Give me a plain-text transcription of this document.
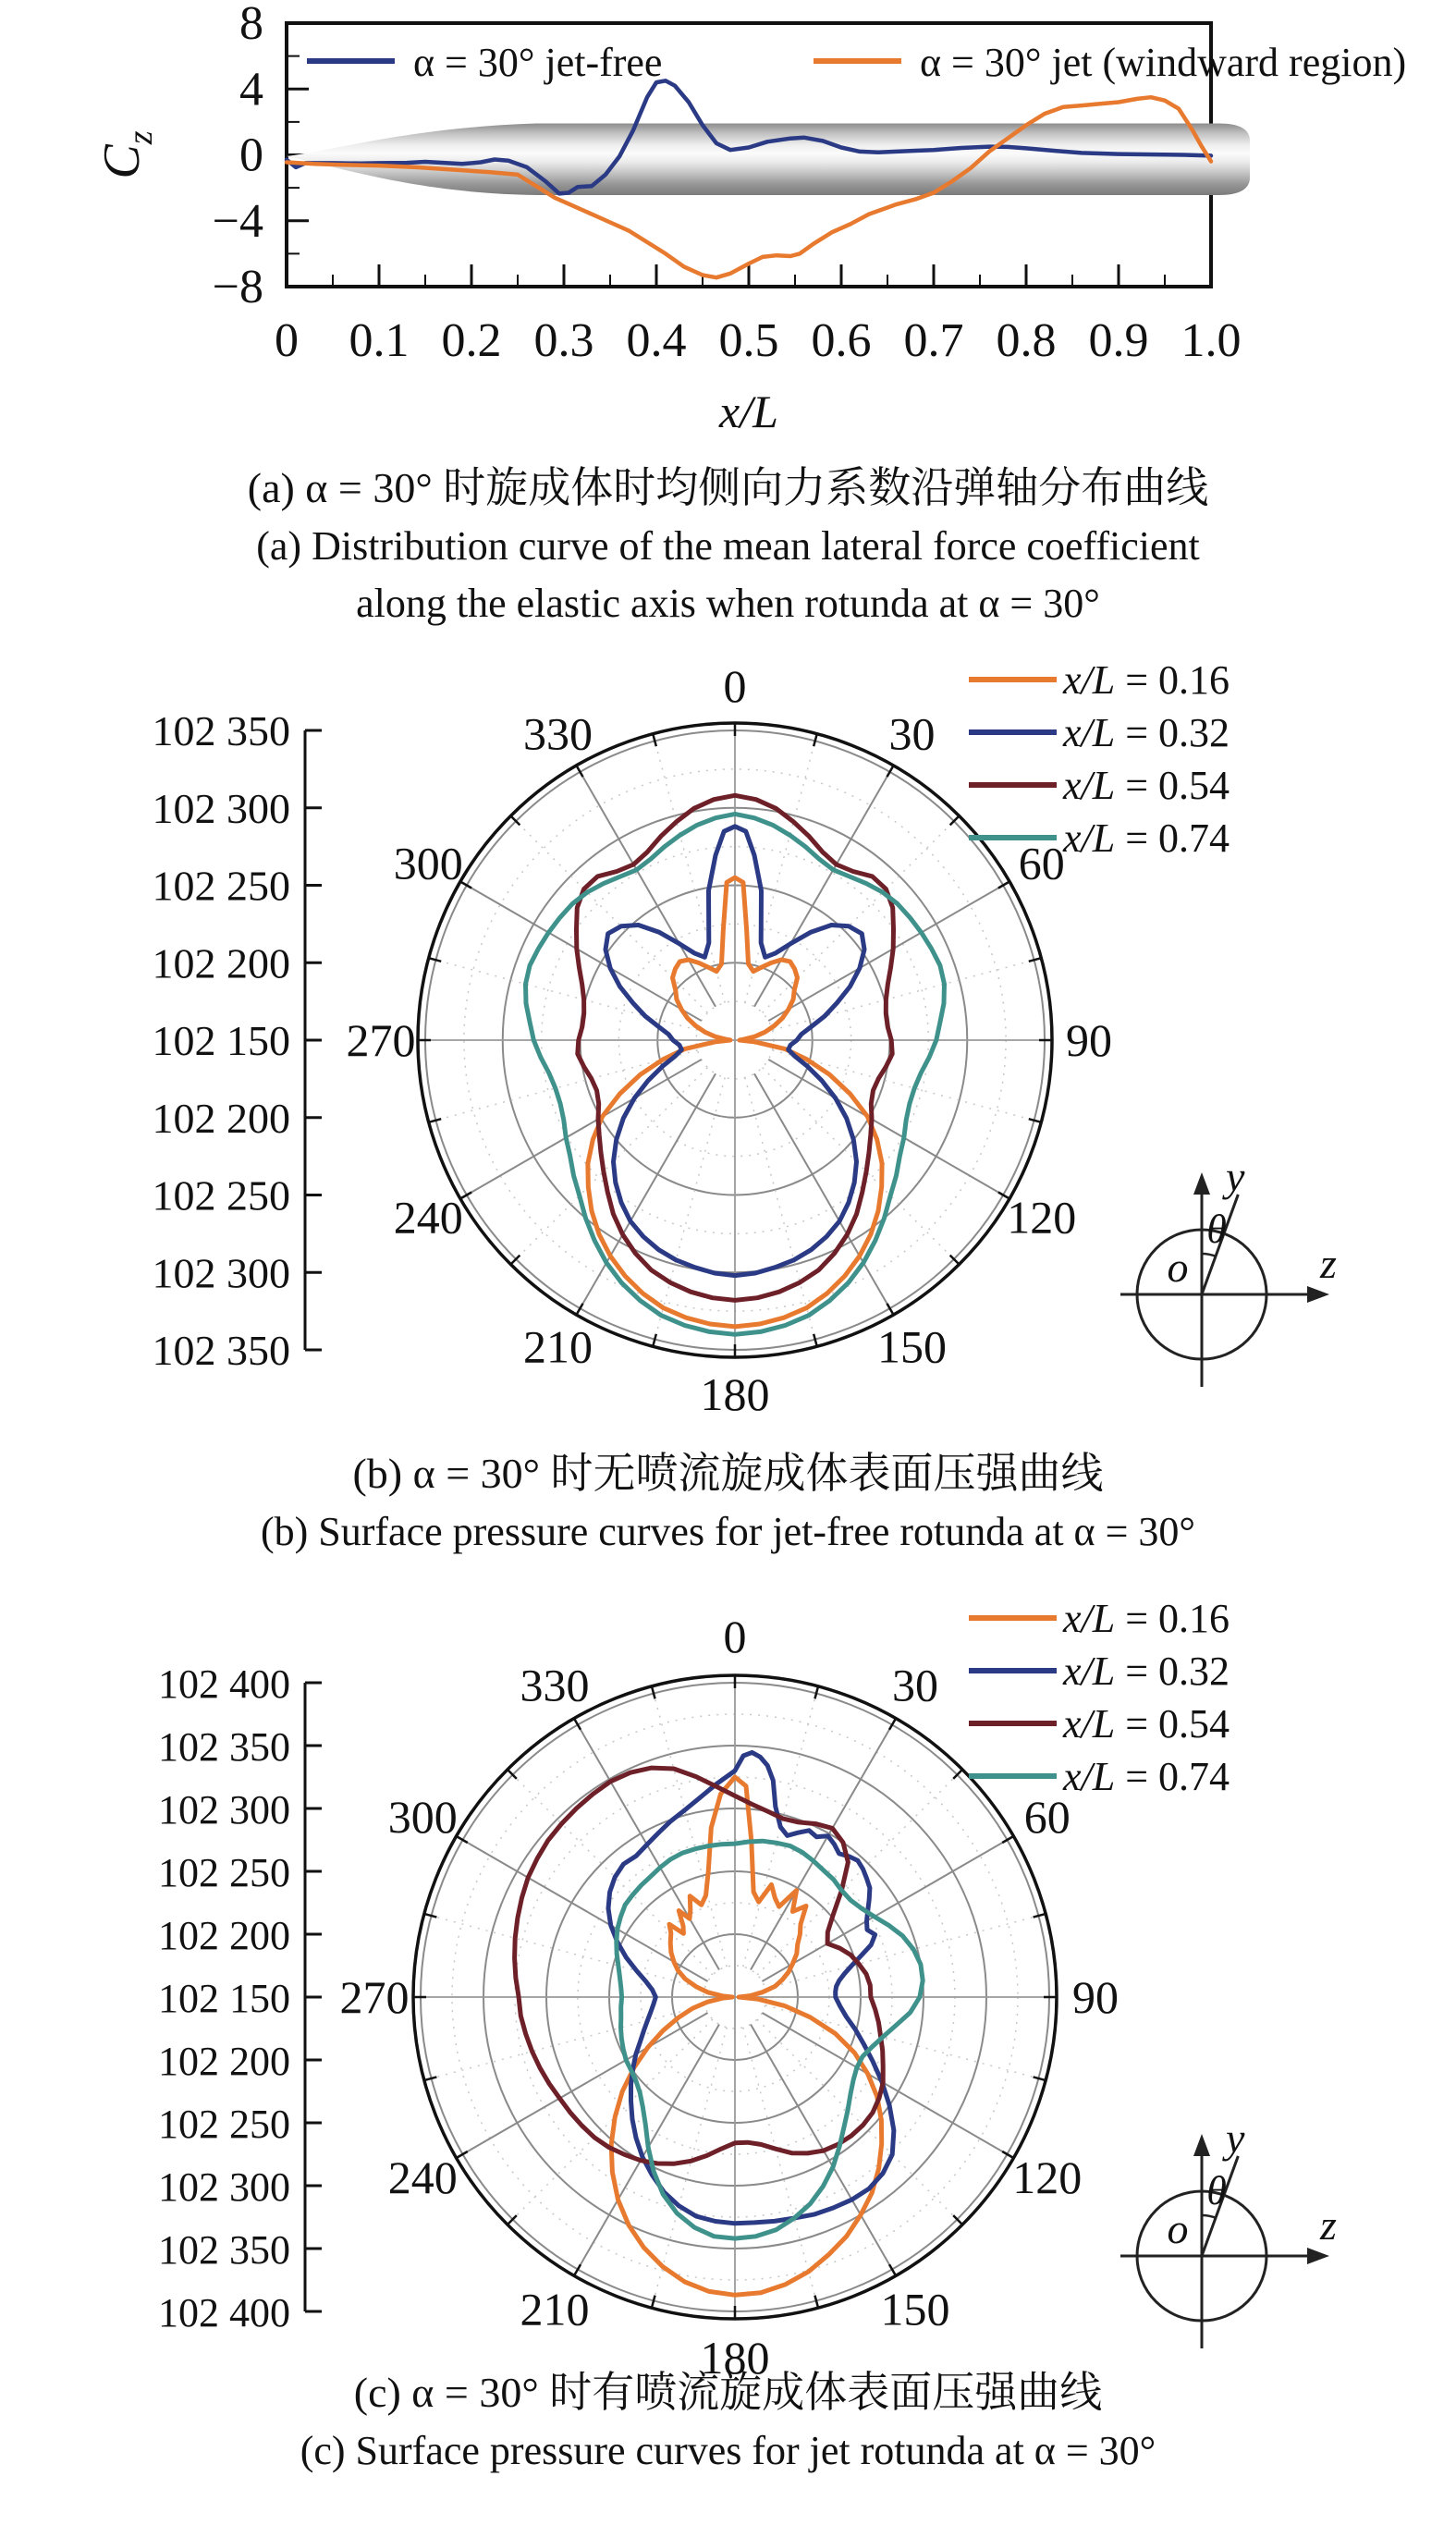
8
4
0
−4
−8
0 0.1 0.2 0.3 0.4 0.5 0.6 0.7 0.8 0.9 1.0
x/L
$C_z$
α = 30° jet-free	α = 30° jet (windward region)
(a) α = 30° 时旋成体时均侧向力系数沿弹轴分布曲线
(a) Distribution curve of the mean lateral force coefficient
along the elastic axis when rotunda at α = 30°
102 350
102 300
102 250
102 200
102 150
102 200
102 250
102 300
102 350
0
30
60
90
120
150
180
210
240
270
300
330
x/L = 0.16
x/L = 0.32
x/L = 0.54
x/L = 0.74
y
z
o
θ
(b) α = 30° 时无喷流旋成体表面压强曲线
(b) Surface pressure curves for jet-free rotunda at α = 30°
102 400
102 350
102 300
102 250
102 200
102 150
102 200
102 250
102 300
102 350
102 400
0
30
60
90
120
150
180
210
240
270
300
330
x/L = 0.16
x/L = 0.32
x/L = 0.54
x/L = 0.74
y
z
o
θ
(c) α = 30° 时有喷流旋成体表面压强曲线
(c) Surface pressure curves for jet rotunda at α = 30°
